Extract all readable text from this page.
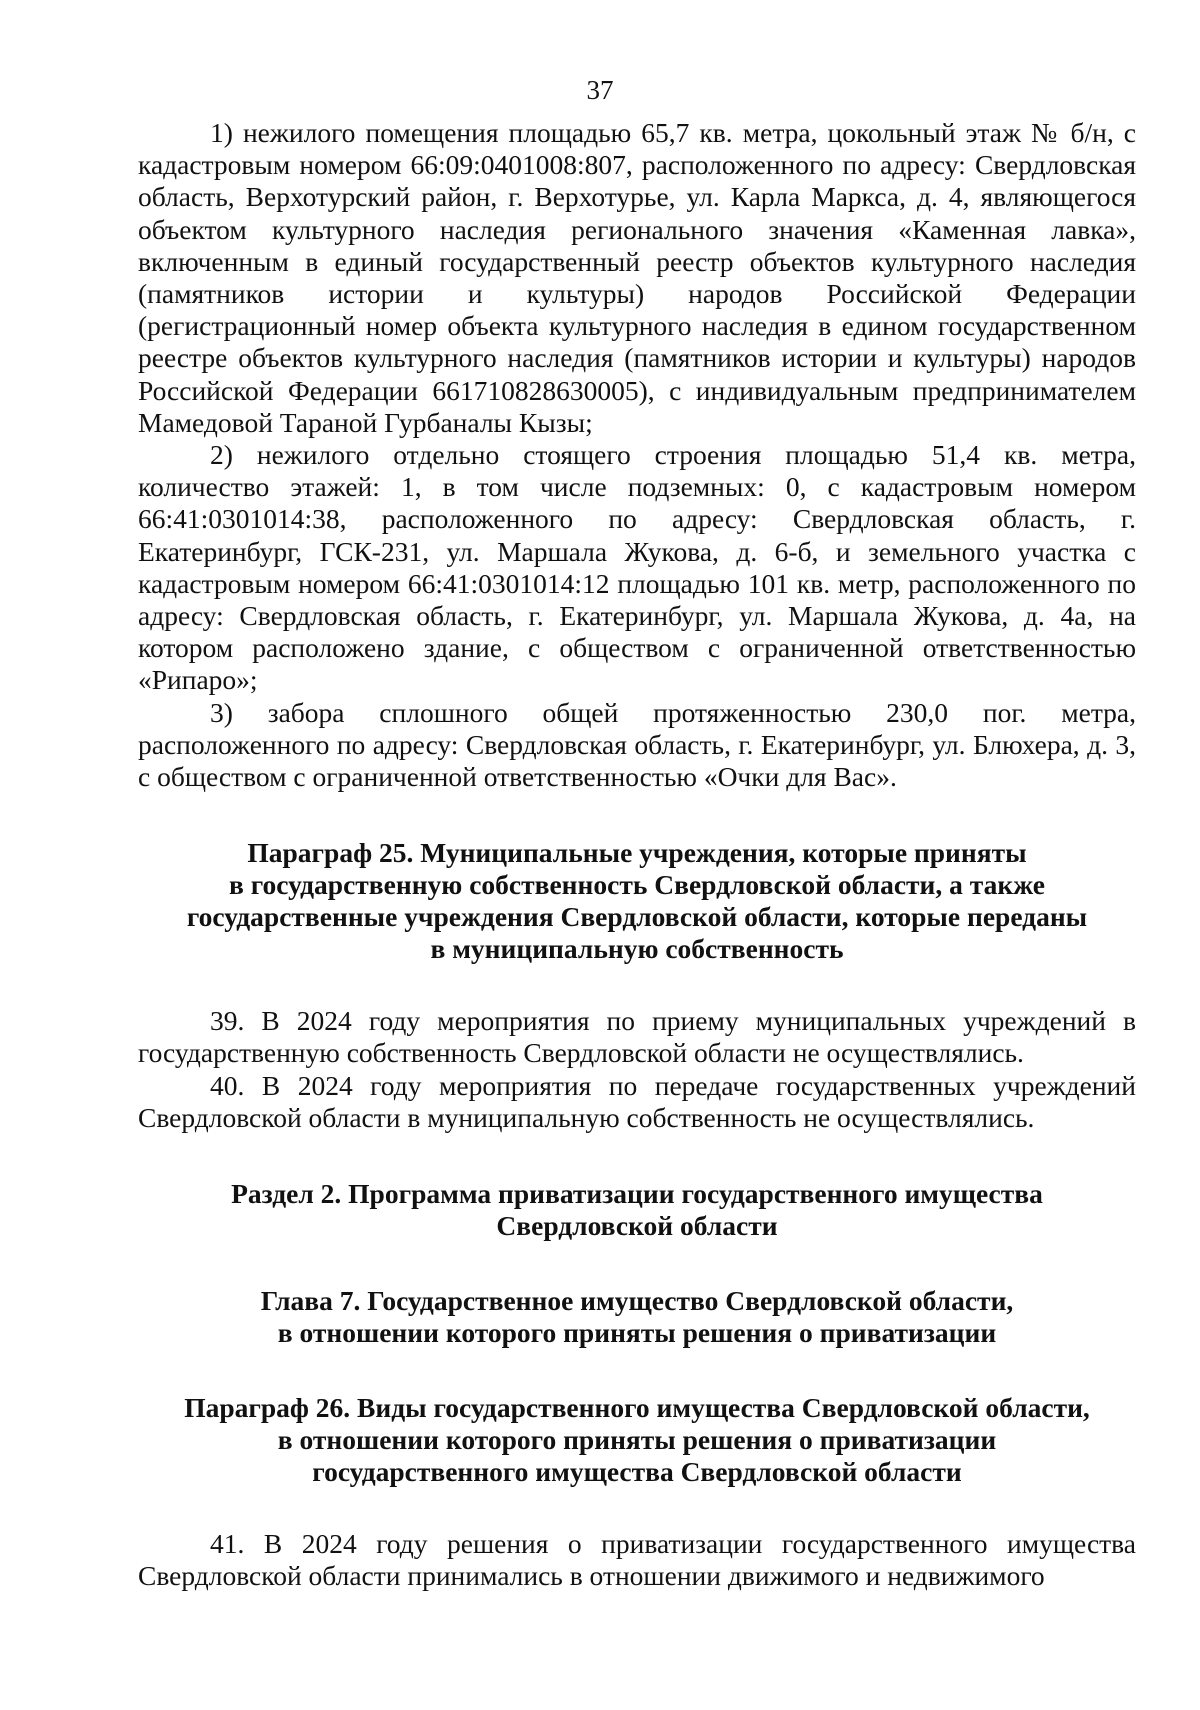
37

1) нежилого помещения площадью 65,7 кв. метра, цокольный этаж № б/н, с кадастровым номером 66:09:0401008:807, расположенного по адресу: Свердловская область, Верхотурский район, г. Верхотурье, ул. Карла Маркса, д. 4, являющегося объектом культурного наследия регионального значения «Каменная лавка», включенным в единый государственный реестр объектов культурного наследия (памятников истории и культуры) народов Российской Федерации (регистрационный номер объекта культурного наследия в едином государственном реестре объектов культурного наследия (памятников истории и культуры) народов Российской Федерации 661710828630005), с индивидуальным предпринимателем Мамедовой Тараной Гурбаналы Кызы;

2) нежилого отдельно стоящего строения площадью 51,4 кв. метра, количество этажей: 1, в том числе подземных: 0, с кадастровым номером 66:41:0301014:38, расположенного по адресу: Свердловская область, г. Екатеринбург, ГСК-231, ул. Маршала Жукова, д. 6-б, и земельного участка с кадастровым номером 66:41:0301014:12 площадью 101 кв. метр, расположенного по адресу: Свердловская область, г. Екатеринбург, ул. Маршала Жукова, д. 4а, на котором расположено здание, с обществом с ограниченной ответственностью «Рипаро»;

3) забора сплошного общей протяженностью 230,0 пог. метра, расположенного по адресу: Свердловская область, г. Екатеринбург, ул. Блюхера, д. 3, с обществом с ограниченной ответственностью «Очки для Вас».

Параграф 25. Муниципальные учреждения, которые приняты
в государственную собственность Свердловской области, а также
государственные учреждения Свердловской области, которые переданы
в муниципальную собственность

39. В 2024 году мероприятия по приему муниципальных учреждений в государственную собственность Свердловской области не осуществлялись.

40. В 2024 году мероприятия по передаче государственных учреждений Свердловской области в муниципальную собственность не осуществлялись.

Раздел 2. Программа приватизации государственного имущества
Свердловской области
Глава 7. Государственное имущество Свердловской области,
в отношении которого приняты решения о приватизации
Параграф 26. Виды государственного имущества Свердловской области,
в отношении которого приняты решения о приватизации
государственного имущества Свердловской области

41. В 2024 году решения о приватизации государственного имущества Свердловской области принимались в отношении движимого и недвижимого
